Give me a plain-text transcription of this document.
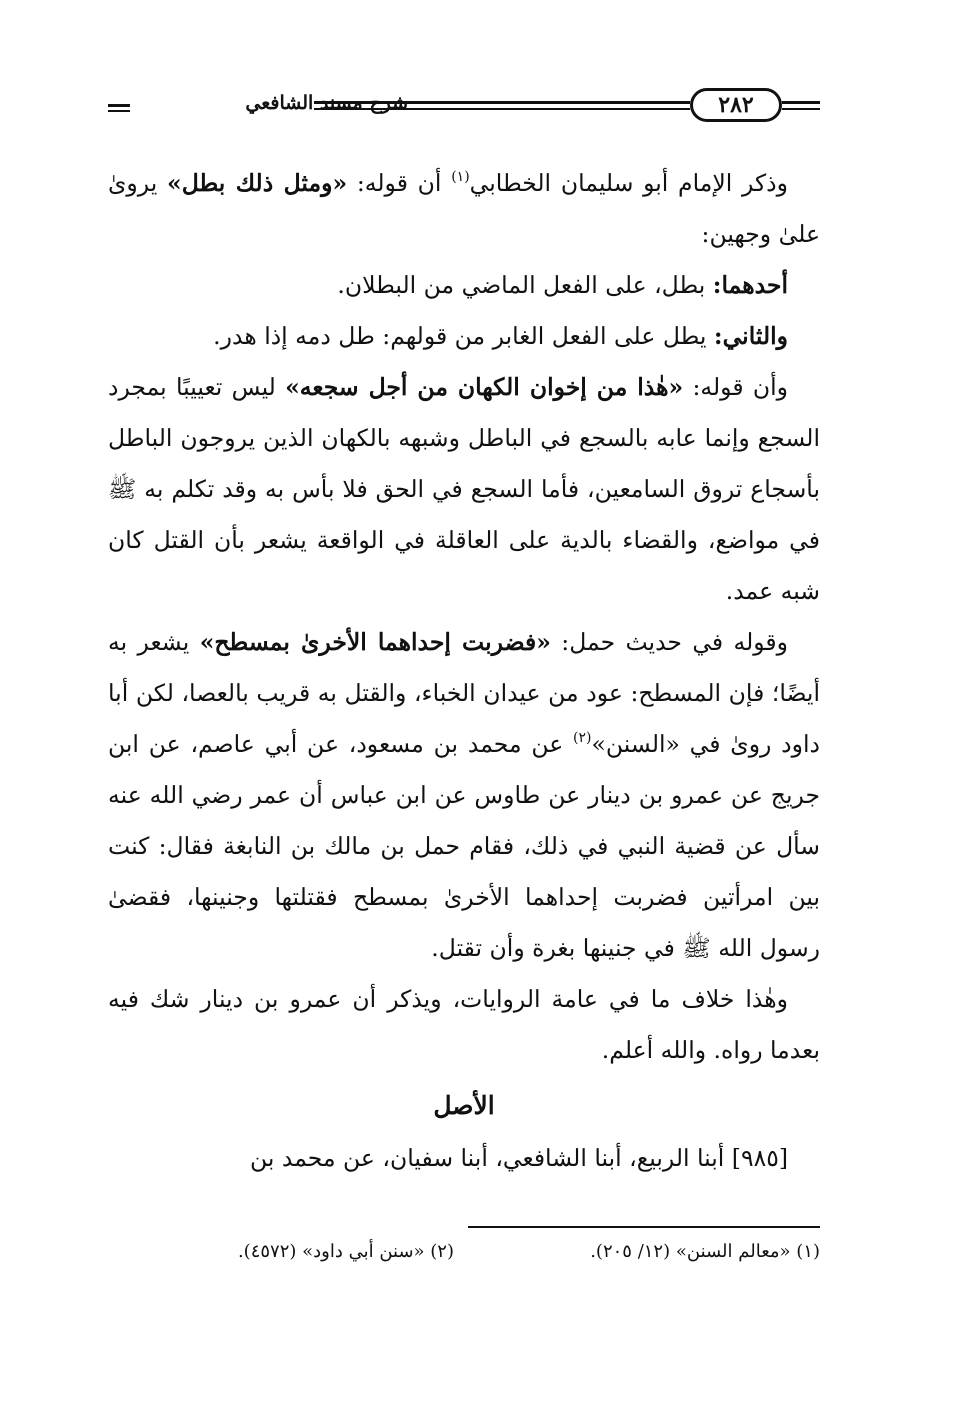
٢٨٢
شرح مسند الشافعي

وذكر الإمام أبو سليمان الخطابي$^{(١)}$ أن قوله: «ومثل ذلك بطل» يروىٰ علىٰ وجهين:

أحدهما: بطل، على الفعل الماضي من البطلان.

والثاني: يطل على الفعل الغابر من قولهم: طل دمه إذا هدر.

وأن قوله: «هٰذا من إخوان الكهان من أجل سجعه» ليس تعييبًا بمجرد السجع وإنما عابه بالسجع في الباطل وشبهه بالكهان الذين يروجون الباطل بأسجاع تروق السامعين، فأما السجع في الحق فلا بأس به وقد تكلم به ﷺ في مواضع، والقضاء بالدية على العاقلة في الواقعة يشعر بأن القتل كان شبه عمد.

وقوله في حديث حمل: «فضربت إحداهما الأخرىٰ بمسطح» يشعر به أيضًا؛ فإن المسطح: عود من عيدان الخباء، والقتل به قريب بالعصا، لكن أبا داود روىٰ في «السنن»$^{(٢)}$ عن محمد بن مسعود، عن أبي عاصم، عن ابن جريج عن عمرو بن دينار عن طاوس عن ابن عباس أن عمر رضي الله عنه سأل عن قضية النبي في ذلك، فقام حمل بن مالك بن النابغة فقال: كنت بين امرأتين فضربت إحداهما الأخرىٰ بمسطح فقتلتها وجنينها، فقضىٰ رسول الله ﷺ في جنينها بغرة وأن تقتل.

وهٰذا خلاف ما في عامة الروايات، ويذكر أن عمرو بن دينار شك فيه بعدما رواه. والله أعلم.

الأصل

[٩٨٥] أبنا الربيع، أبنا الشافعي، أبنا سفيان، عن محمد بن

(١) «معالم السنن» (١٢/ ٢٠٥).
(٢) «سنن أبي داود» (٤٥٧٢).
